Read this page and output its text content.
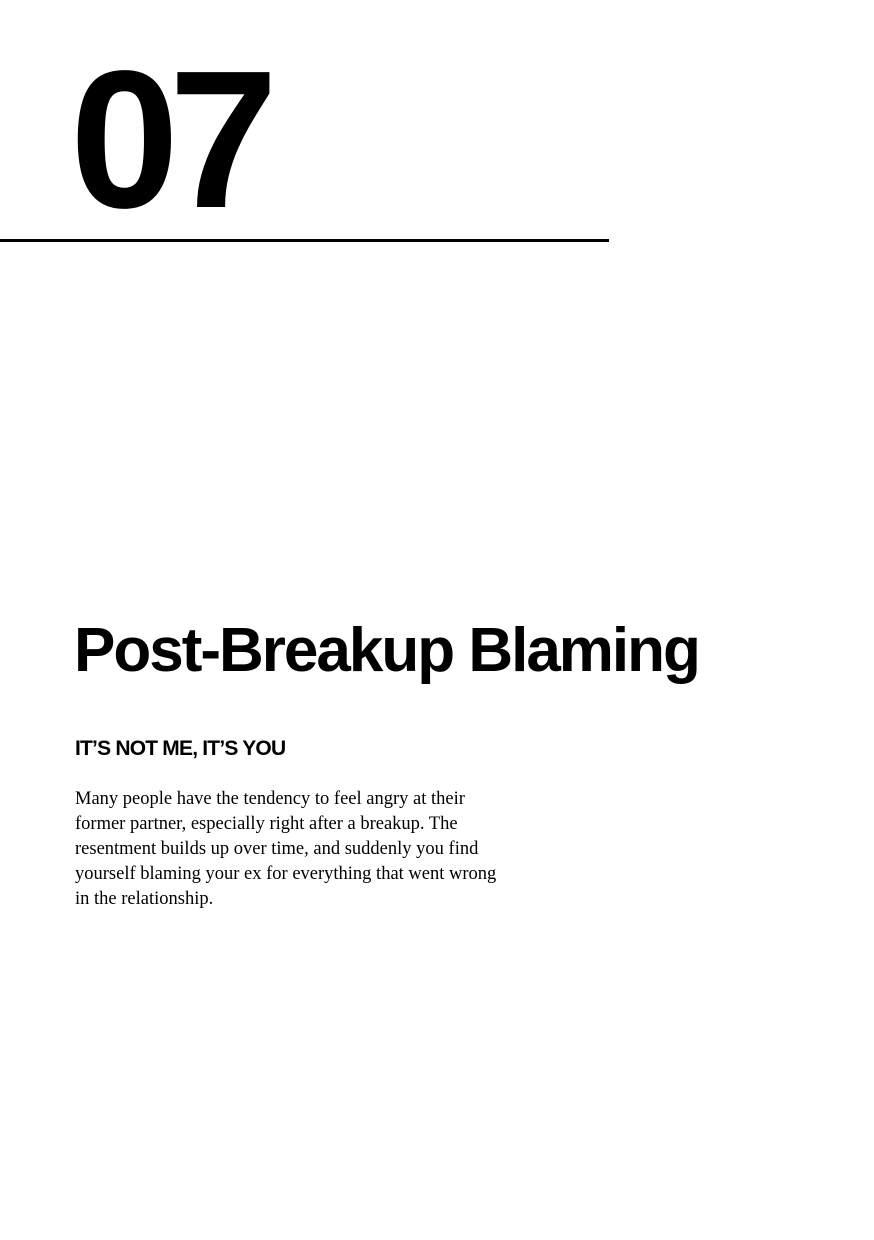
07
Post-Breakup Blaming
IT’S NOT ME, IT’S YOU

Many people have the tendency to feel angry at their
former partner, especially right after a breakup. The
resentment builds up over time, and suddenly you find
yourself blaming your ex for everything that went wrong
in the relationship.
